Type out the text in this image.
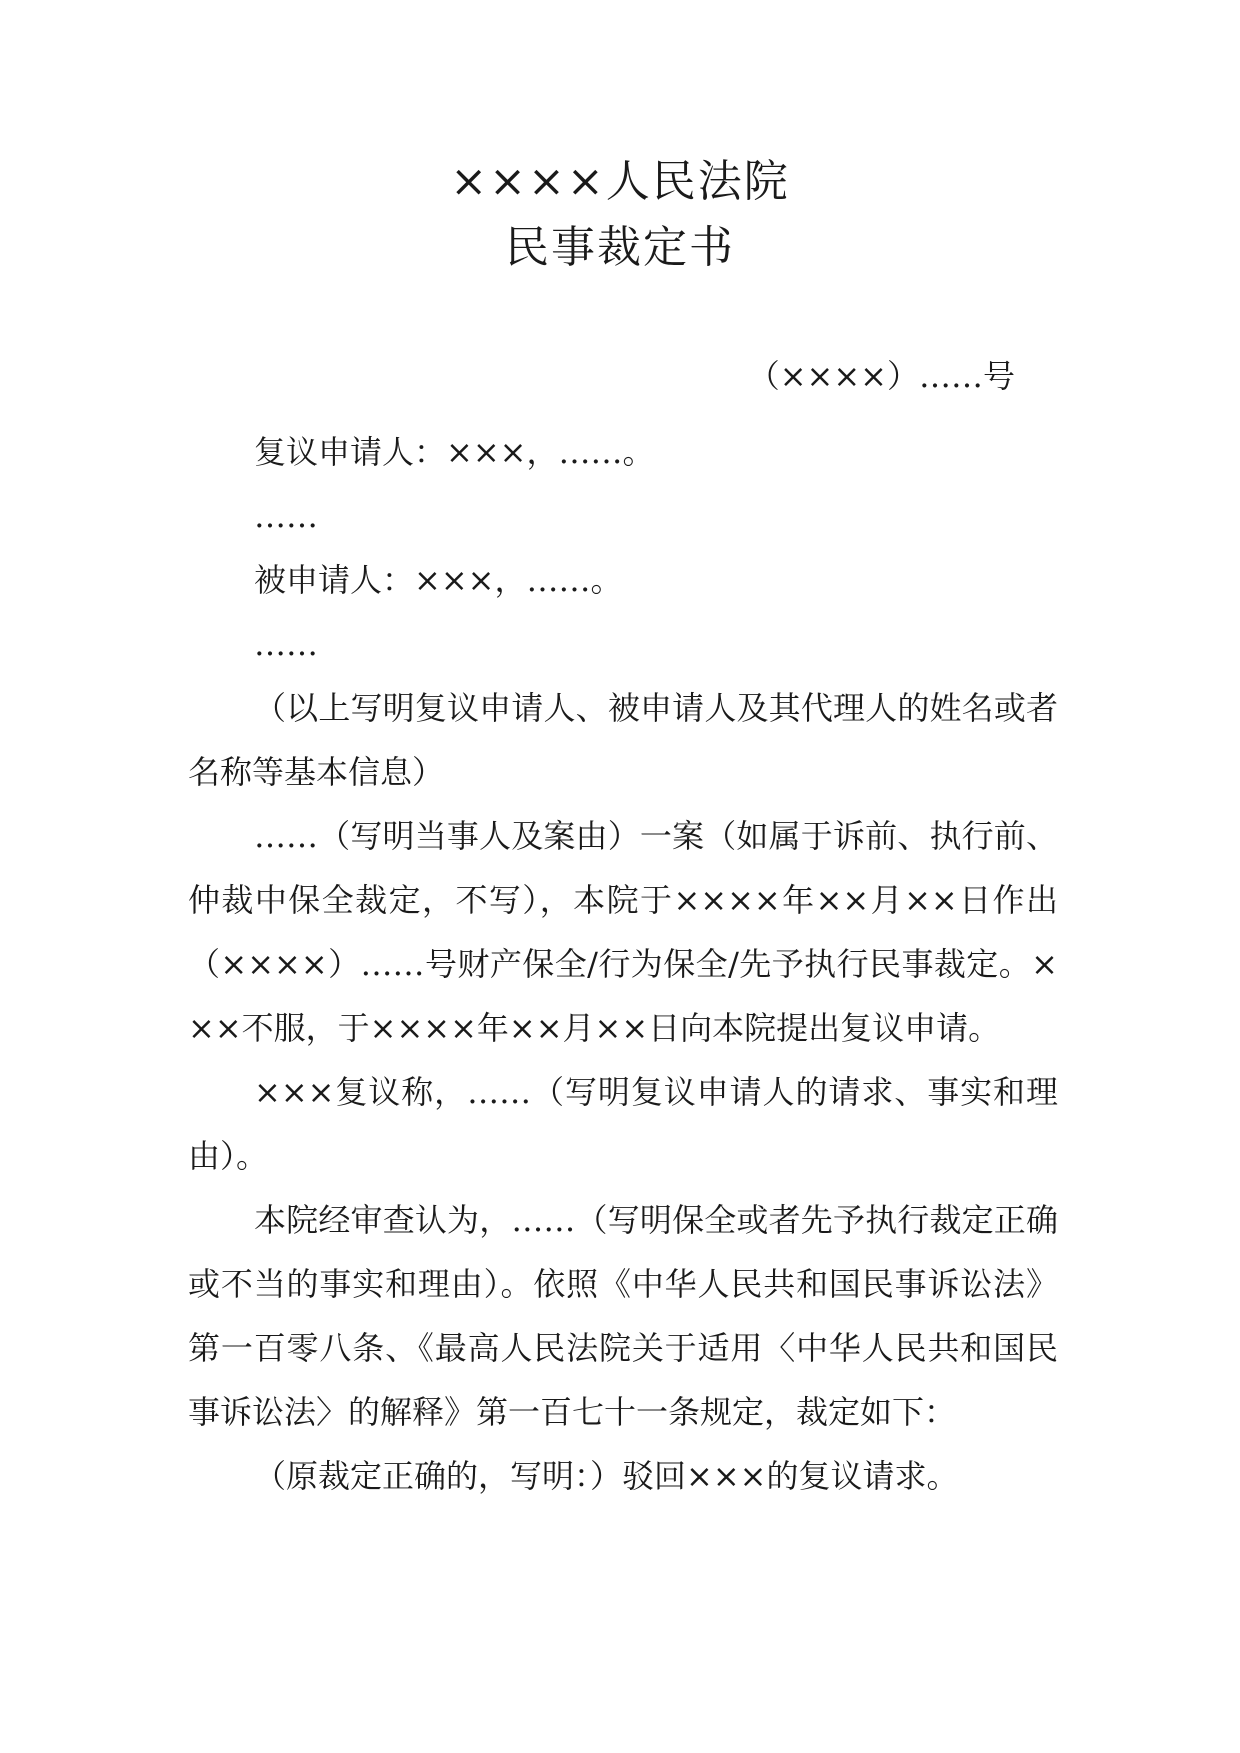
××××人民法院
民事裁定书
（××××）……号

复议申请人：×××，……。

……

被申请人：×××，……。

……

（以上写明复议申请人、被申请人及其代理人的姓名或者名称等基本信息）

……（写明当事人及案由）一案（如属于诉前、执行前、仲裁中保全裁定，不写），本院于××××年××月××日作出（××××）……号财产保全/行为保全/先予执行民事裁定。×××不服，于××××年××月××日向本院提出复议申请。

×××复议称，……（写明复议申请人的请求、事实和理由）。

本院经审查认为，……（写明保全或者先予执行裁定正确或不当的事实和理由）。依照《中华人民共和国民事诉讼法》第一百零八条、《最高人民法院关于适用〈中华人民共和国民事诉讼法〉的解释》第一百七十一条规定，裁定如下：

（原裁定正确的，写明：）驳回×××的复议请求。
